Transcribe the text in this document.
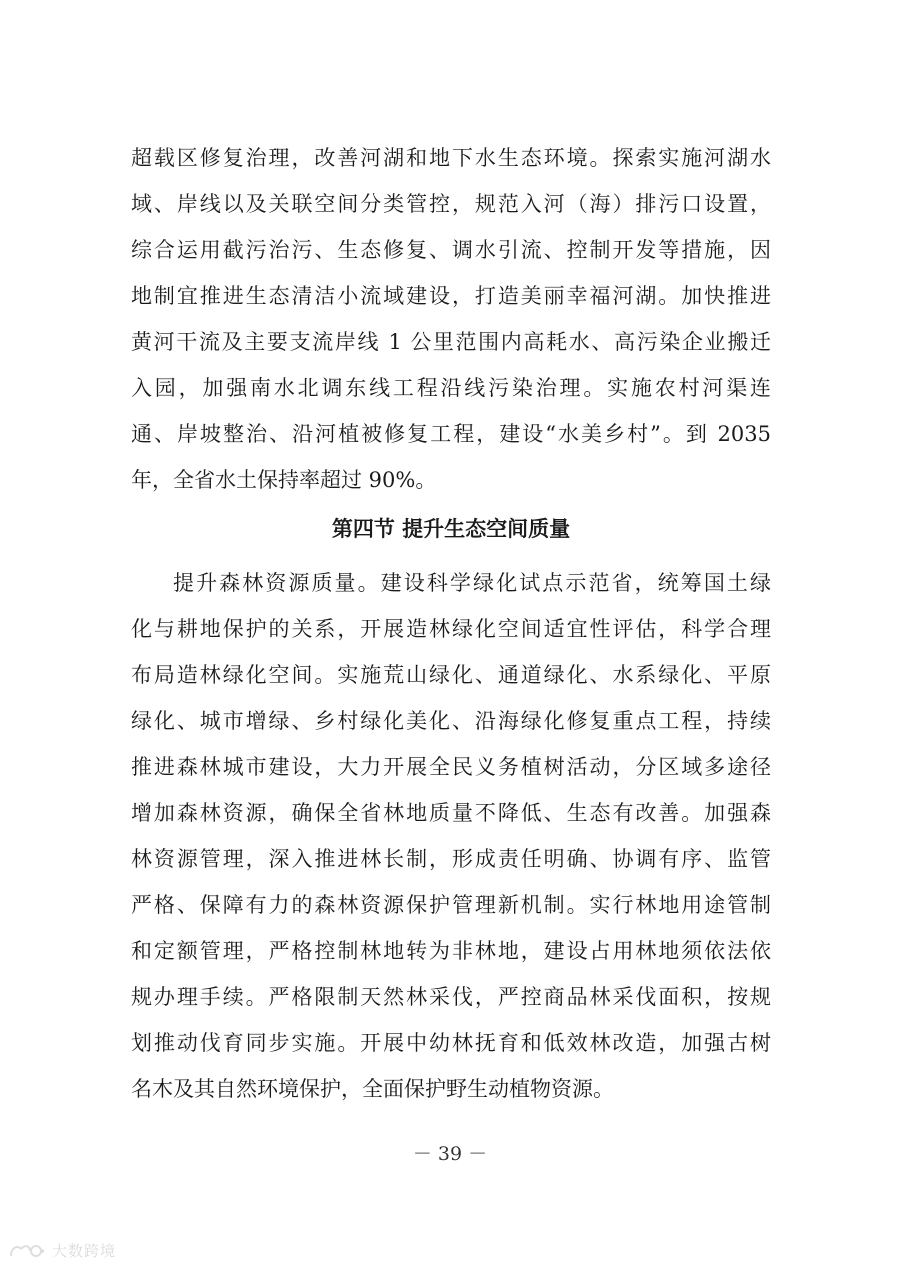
超载区修复治理，改善河湖和地下水生态环境。探索实施河湖水
域、岸线以及关联空间分类管控，规范入河（海）排污口设置，
综合运用截污治污、生态修复、调水引流、控制开发等措施，因
地制宜推进生态清洁小流域建设，打造美丽幸福河湖。加快推进
黄河干流及主要支流岸线 1 公里范围内高耗水、高污染企业搬迁
入园，加强南水北调东线工程沿线污染治理。实施农村河渠连
通、岸坡整治、沿河植被修复工程，建设“水美乡村”。到 2035
年，全省水土保持率超过 90%。
第四节 提升生态空间质量
提升森林资源质量。建设科学绿化试点示范省，统筹国土绿
化与耕地保护的关系，开展造林绿化空间适宜性评估，科学合理
布局造林绿化空间。实施荒山绿化、通道绿化、水系绿化、平原
绿化、城市增绿、乡村绿化美化、沿海绿化修复重点工程，持续
推进森林城市建设，大力开展全民义务植树活动，分区域多途径
增加森林资源，确保全省林地质量不降低、生态有改善。加强森
林资源管理，深入推进林长制，形成责任明确、协调有序、监管
严格、保障有力的森林资源保护管理新机制。实行林地用途管制
和定额管理，严格控制林地转为非林地，建设占用林地须依法依
规办理手续。严格限制天然林采伐，严控商品林采伐面积，按规
划推动伐育同步实施。开展中幼林抚育和低效林改造，加强古树
名木及其自然环境保护，全面保护野生动植物资源。
－ 39 －
大数跨境
